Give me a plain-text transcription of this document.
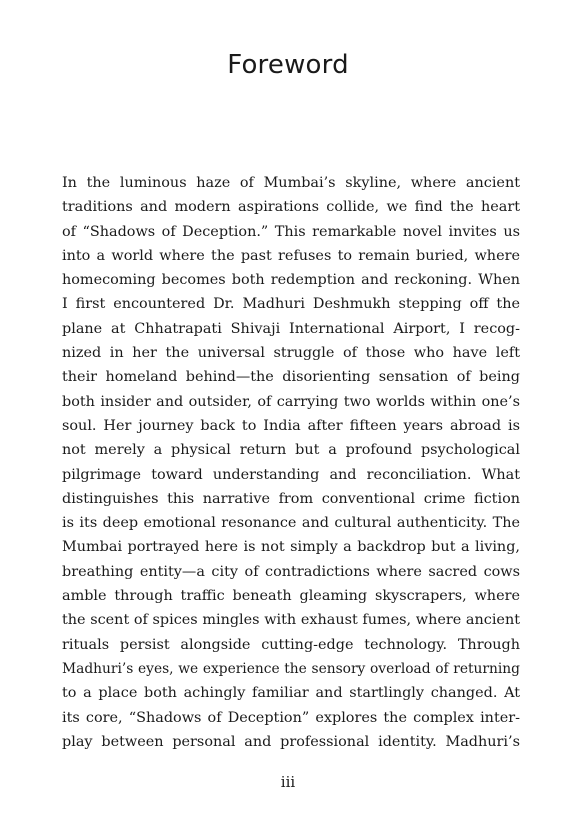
Foreword
In the luminous haze of Mumbai’s skyline, where ancient
traditions and modern aspirations collide, we find the heart
of “Shadows of Deception.” This remarkable novel invites us
into a world where the past refuses to remain buried, where
homecoming becomes both redemption and reckoning. When
I first encountered Dr. Madhuri Deshmukh stepping off the
plane at Chhatrapati Shivaji International Airport, I recog-
nized in her the universal struggle of those who have left
their homeland behind—the disorienting sensation of being
both insider and outsider, of carrying two worlds within one’s
soul. Her journey back to India after fifteen years abroad is
not merely a physical return but a profound psychological
pilgrimage toward understanding and reconciliation. What
distinguishes this narrative from conventional crime fiction
is its deep emotional resonance and cultural authenticity. The
Mumbai portrayed here is not simply a backdrop but a living,
breathing entity—a city of contradictions where sacred cows
amble through traffic beneath gleaming skyscrapers, where
the scent of spices mingles with exhaust fumes, where ancient
rituals persist alongside cutting-edge technology. Through
Madhuri’s eyes, we experience the sensory overload of returning
to a place both achingly familiar and startlingly changed. At
its core, “Shadows of Deception” explores the complex inter-
play between personal and professional identity. Madhuri’s
iii
